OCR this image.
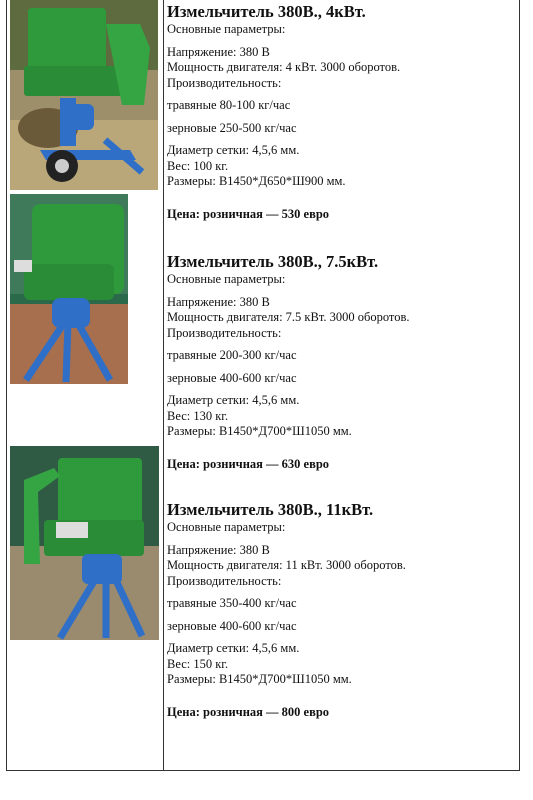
Измельчитель 380В., 4кВт.
Основные параметры:
Напряжение: 380 В
Мощность двигателя: 4 кВт. 3000 оборотов.
Производительность:
травяные 80-100 кг/час
зерновые 250-500 кг/час
Диаметр сетки: 4,5,6 мм.
Вес: 100 кг.
Размеры: В1450*Д650*Ш900 мм.
Цена: розничная — 530 евро
Измельчитель 380В., 7.5кВт.
Основные параметры:
Напряжение: 380 В
Мощность двигателя: 7.5 кВт. 3000 оборотов.
Производительность:
травяные 200-300 кг/час
зерновые 400-600 кг/час
Диаметр сетки: 4,5,6 мм.
Вес: 130 кг.
Размеры: В1450*Д700*Ш1050 мм.
Цена: розничная — 630 евро
Измельчитель 380В., 11кВт.
Основные параметры:
Напряжение: 380 В
Мощность двигателя: 11 кВт. 3000 оборотов.
Производительность:
травяные 350-400 кг/час
зерновые 400-600 кг/час
Диаметр сетки: 4,5,6 мм.
Вес: 150 кг.
Размеры: В1450*Д700*Ш1050 мм.
Цена: розничная — 800 евро
